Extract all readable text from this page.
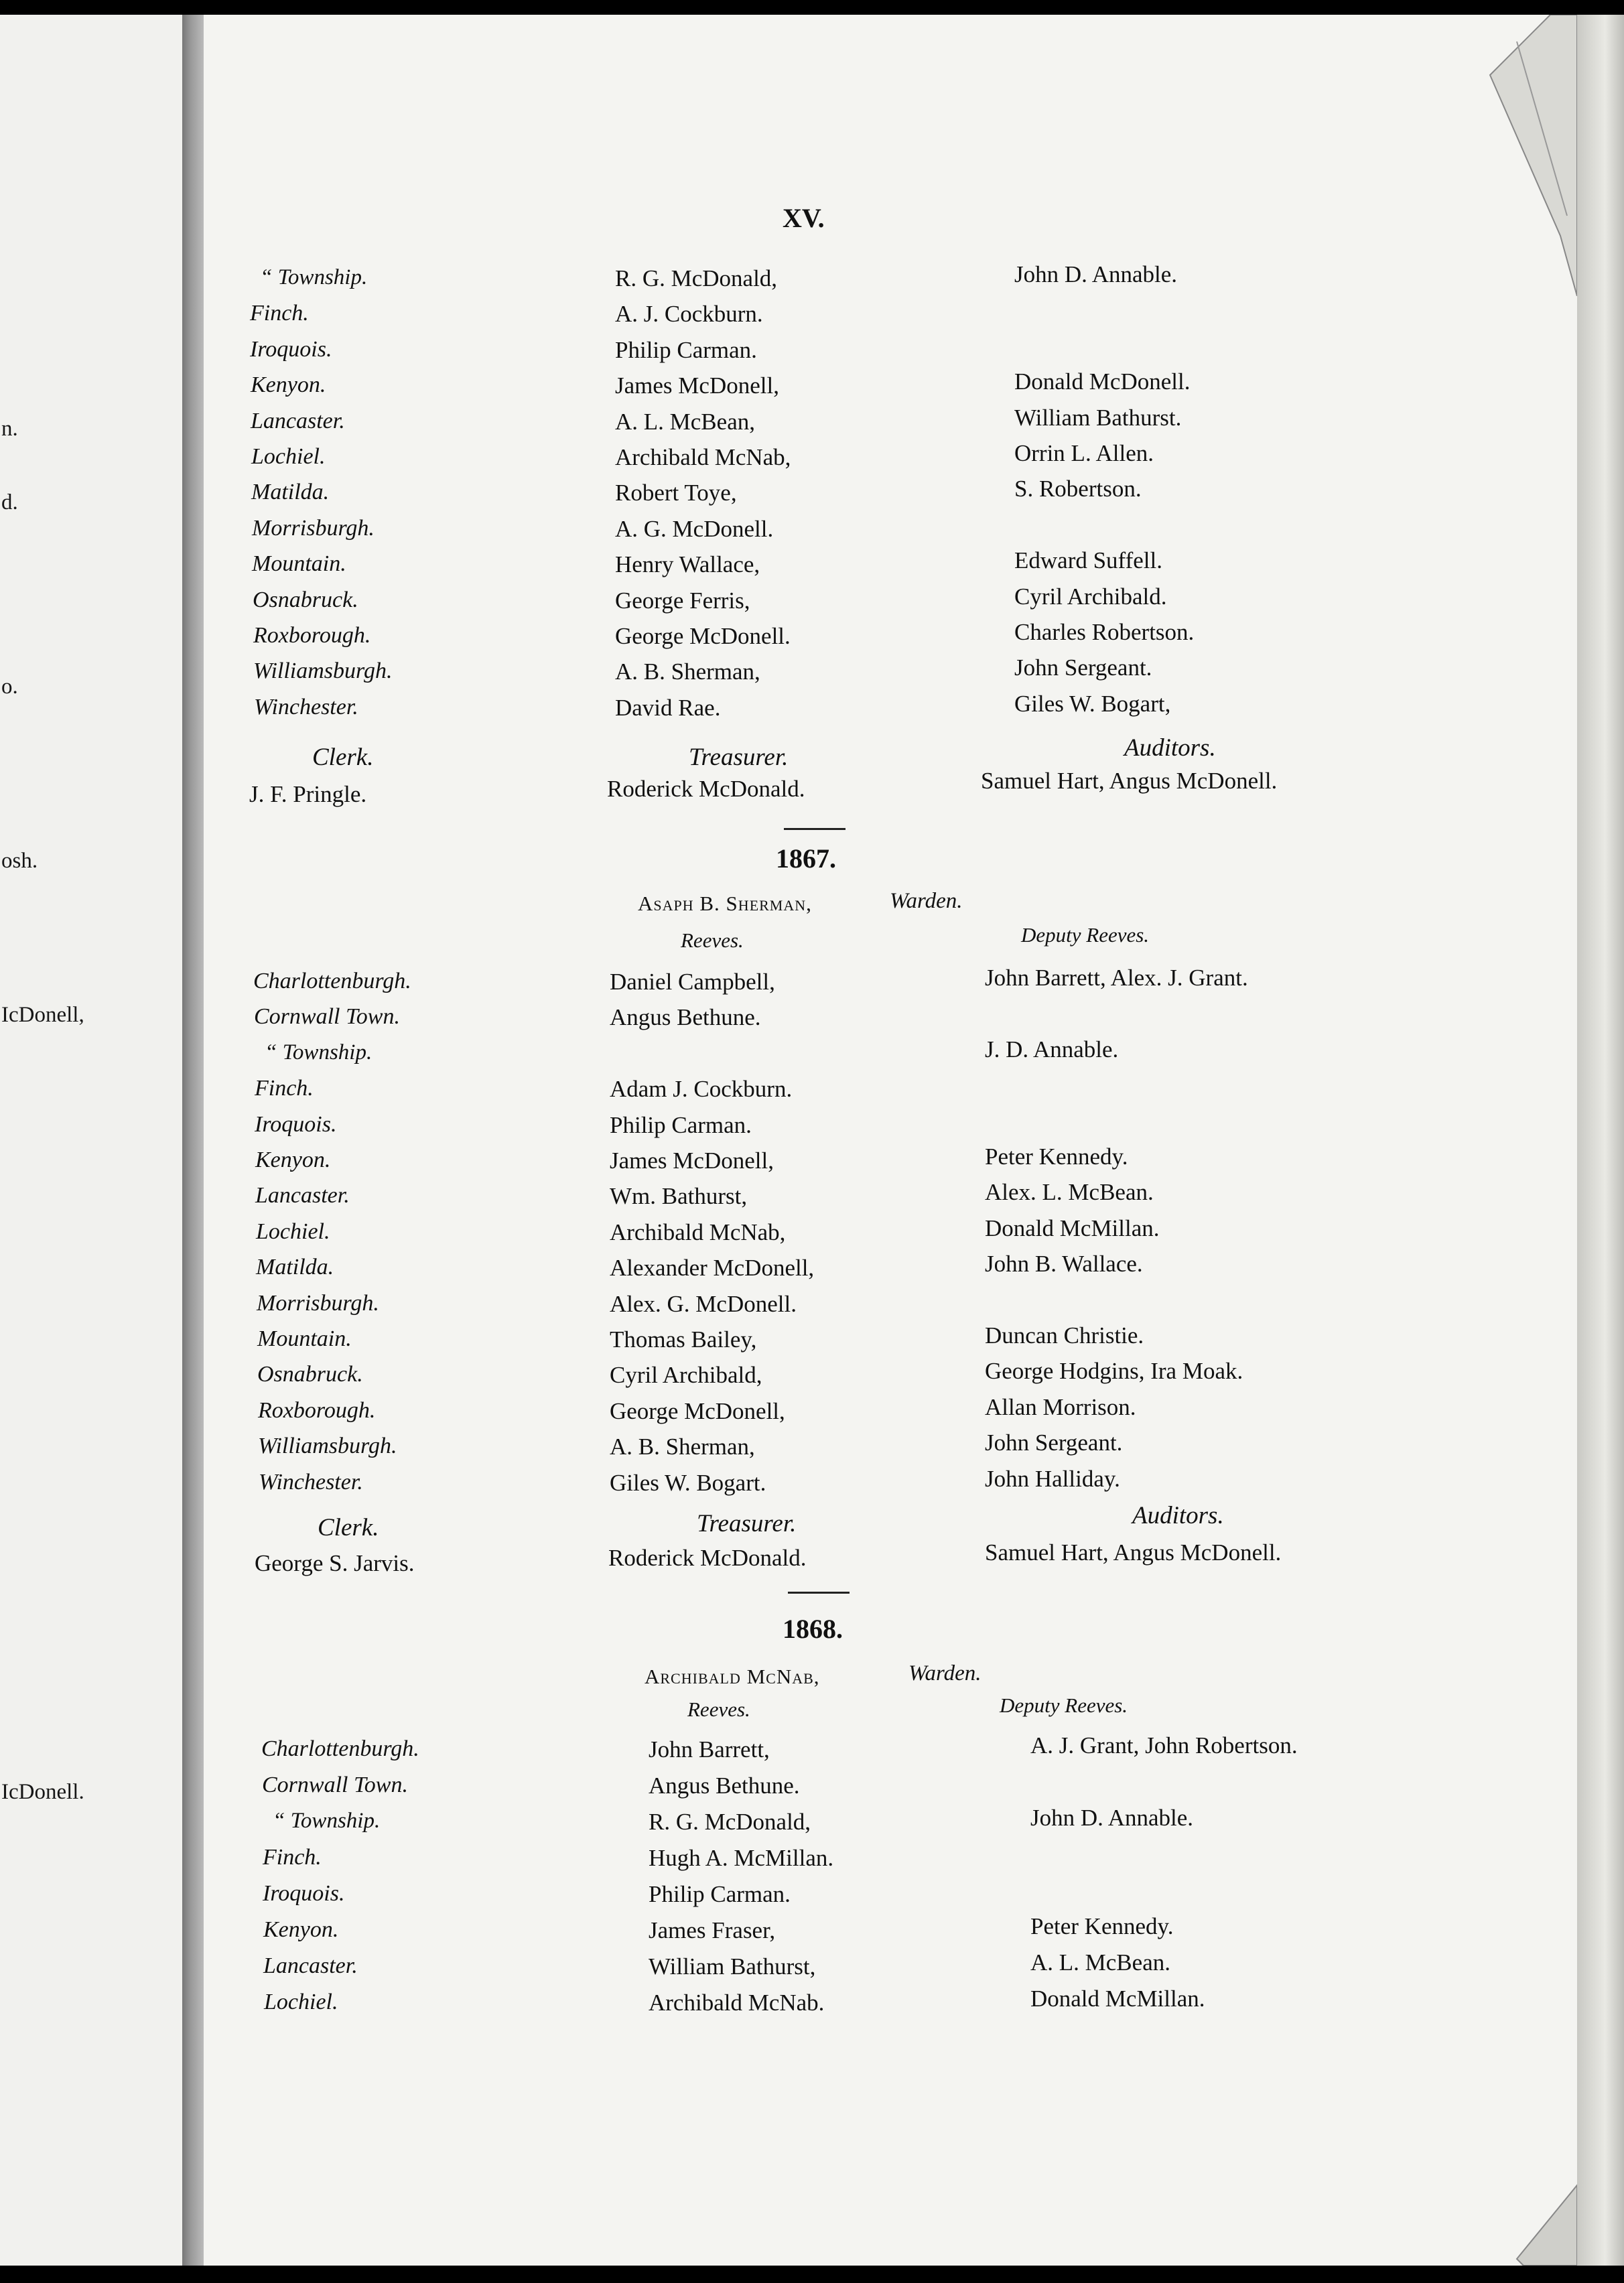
n.
d.
o.
osh.
IcDonell,
IcDonell.
XV.
“ Township.	R. G. McDonald,	John D. Annable.
Finch.	A. J. Cockburn.
Iroquois.	Philip Carman.
Kenyon.	James McDonell,	Donald McDonell.
Lancaster.	A. L. McBean,	William Bathurst.
Lochiel.	Archibald McNab,	Orrin L. Allen.
Matilda.	Robert Toye,	S. Robertson.
Morrisburgh.	A. G. McDonell.
Mountain.	Henry Wallace,	Edward Suffell.
Osnabruck.	George Ferris,	Cyril Archibald.
Roxborough.	George McDonell.	Charles Robertson.
Williamsburgh.	A. B. Sherman,	John Sergeant.
Winchester.	David Rae.	Giles W. Bogart,
Clerk.	Treasurer.	Auditors.
J. F. Pringle.	Roderick McDonald.	Samuel Hart, Angus McDonell.
1867.
Asaph B. Sherman,	Warden.
Reeves.	Deputy Reeves.
Charlottenburgh.	Daniel Campbell,	John Barrett, Alex. J. Grant.
Cornwall Town.	Angus Bethune.
“ Township.	J. D. Annable.
Finch.	Adam J. Cockburn.
Iroquois.	Philip Carman.
Kenyon.	James McDonell,	Peter Kennedy.
Lancaster.	Wm. Bathurst,	Alex. L. McBean.
Lochiel.	Archibald McNab,	Donald McMillan.
Matilda.	Alexander McDonell,	John B. Wallace.
Morrisburgh.	Alex. G. McDonell.
Mountain.	Thomas Bailey,	Duncan Christie.
Osnabruck.	Cyril Archibald,	George Hodgins, Ira Moak.
Roxborough.	George McDonell,	Allan Morrison.
Williamsburgh.	A. B. Sherman,	John Sergeant.
Winchester.	Giles W. Bogart.	John Halliday.
Clerk.	Treasurer.	Auditors.
George S. Jarvis.	Roderick McDonald.	Samuel Hart, Angus McDonell.
1868.
Archibald McNab,	Warden.
Reeves.	Deputy Reeves.
Charlottenburgh.	John Barrett,	A. J. Grant, John Robertson.
Cornwall Town.	Angus Bethune.
“ Township.	R. G. McDonald,	John D. Annable.
Finch.	Hugh A. McMillan.
Iroquois.	Philip Carman.
Kenyon.	James Fraser,	Peter Kennedy.
Lancaster.	William Bathurst,	A. L. McBean.
Lochiel.	Archibald McNab.	Donald McMillan.
